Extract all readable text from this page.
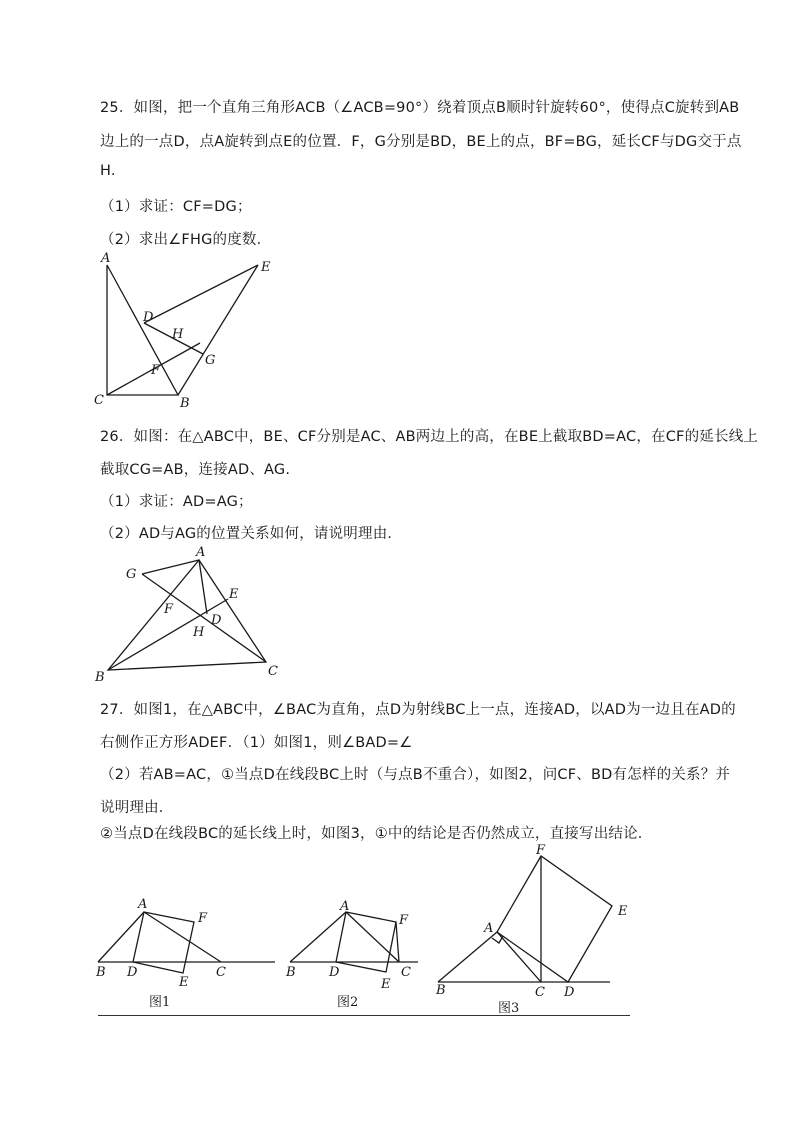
25．如图，把一个直角三角形ACB（∠ACB=90°）绕着顶点B顺时针旋转60°，使得点C旋转到AB
边上的一点D，点A旋转到点E的位置．F，G分别是BD，BE上的点，BF=BG，延长CF与DG交于点
H.
（1）求证：CF=DG；
（2）求出∠FHG的度数．
A
E
D
H
G
F
C	B
26．如图：在△ABC中，BE、CF分别是AC、AB两边上的高，在BE上截取BD=AC，在CF的延长线上
截取CG=AB，连接AD、AG.
（1）求证：AD=AG；
（2）AD与AG的位置关系如何，请说明理由．
A
G
E
F
D
H
B	C
27．如图1，在△ABC中，∠BAC为直角，点D为射线BC上一点，连接AD，以AD为一边且在AD的
右侧作正方形ADEF．（1）如图1，则∠BAD=∠
（2）若AB=AC，①当点D在线段BC上时（与点B不重合），如图2，问CF、BD有怎样的关系？并
说明理由．
②当点D在线段BC的延长线上时，如图3，①中的结论是否仍然成立，直接写出结论．
A
F
B D
E
C
图1
A
F
B	D	C
E
图2
F
E
A
B	C D
图3
